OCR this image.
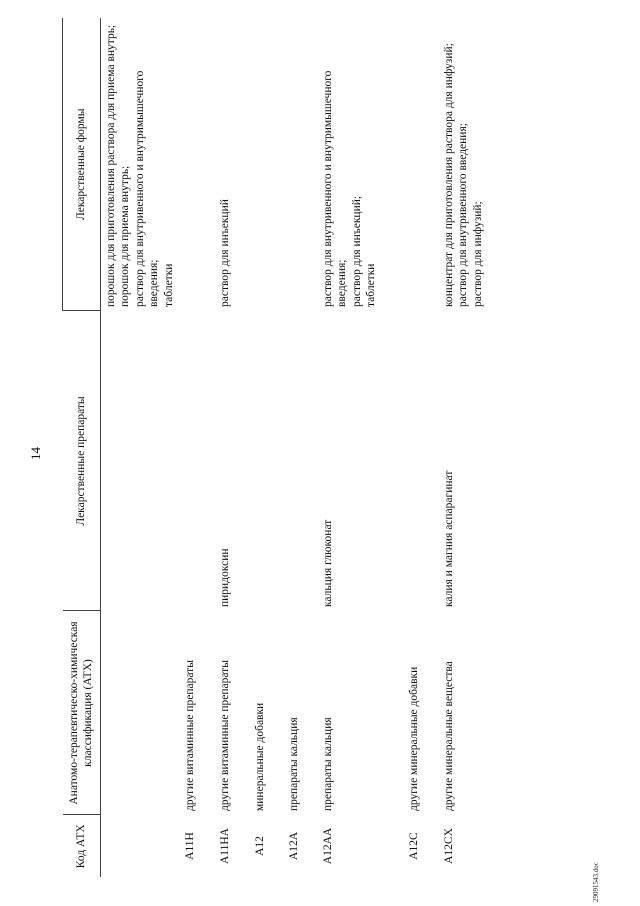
14
Код АТХ	Анатомо-терапевтическо-химическая классификация (АТХ)	Лекарственные препараты	Лекарственные формы
			порошок для приготовления раствора для приема внутрь;
порошок для приема внутрь;
раствор для внутривенного и внутримышечного введения;
таблетки
A11H	другие витаминные препараты		
A11HA	другие витаминные препараты	пиридоксин	раствор для инъекций
A12	минеральные добавки		
A12A	препараты кальция		
A12AA	препараты кальция	кальция глюконат	раствор для внутривенного и внутримышечного введения;
раствор для инъекций;
таблетки
A12C	другие минеральные добавки		
A12CX	другие минеральные вещества	калия и магния аспарагинат	концентрат для приготовления раствора для инфузий;
раствор для внутривенного введения;
раствор для инфузий;
29091543.doc
